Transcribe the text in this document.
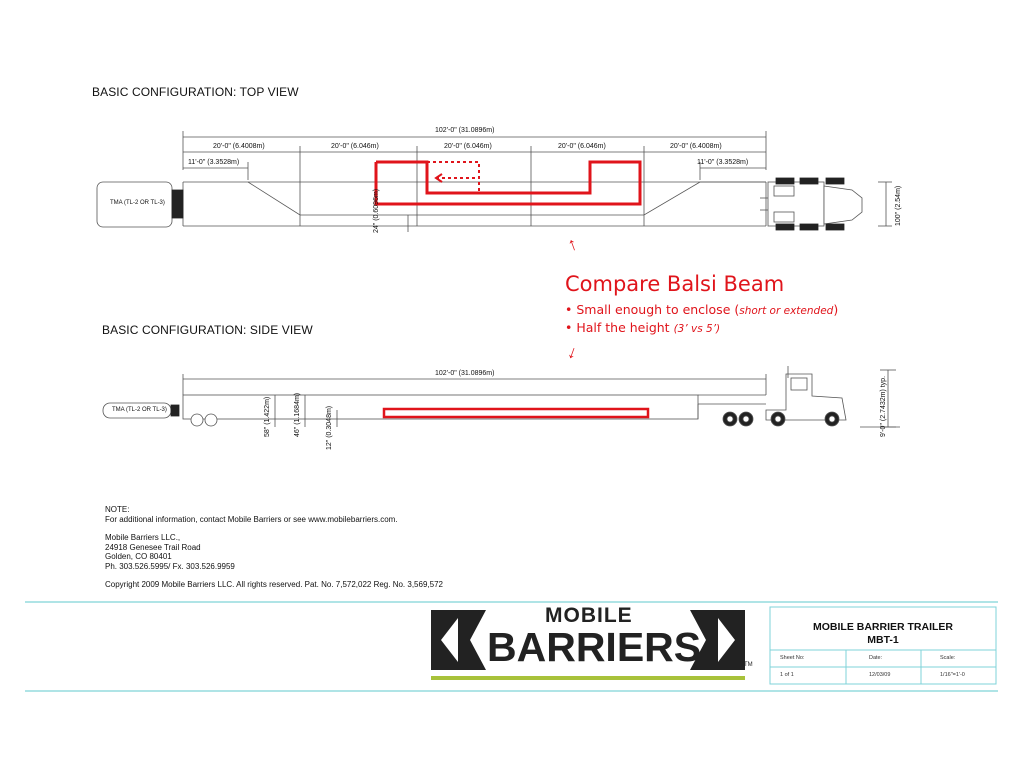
BASIC CONFIGURATION: TOP VIEW
BASIC CONFIGURATION: SIDE VIEW
102'-0" (31.0896m)
20'-0" (6.4008m)	20'-0" (6.046m)	20'-0" (6.046m)	20'-0" (6.046m)	20'-0" (6.4008m)
11'-0" (3.3528m)	11'-0" (3.3528m)
TMA (TL-2 OR TL-3)	24" (0.6096m)	100" (2.54m)
102'-0" (31.0896m)
TMA (TL-2 OR TL-3)	58" (1.422m)	46" (1.1684m)	12" (0.3048m)	9'-0" (2.7432m) typ.
↑
Compare Balsi Beam
• Small enough to enclose (short or extended)
• Half the height (3’ vs 5’)
↓
NOTE:
For additional information, contact Mobile Barriers or see www.mobilebarriers.com.
Mobile Barriers LLC.,
24918 Genesee Trail Road
Golden, CO 80401
Ph. 303.526.5995/ Fx. 303.526.9959
Copyright 2009 Mobile Barriers LLC. All rights reserved. Pat. No. 7,572,022 Reg. No. 3,569,572
MOBILE
BARRIERS	TM
MOBILE BARRIER TRAILER
MBT-1
Sheet No:	Date:	Scale:
1 of 1	12/03/09	1/16"=1'-0
